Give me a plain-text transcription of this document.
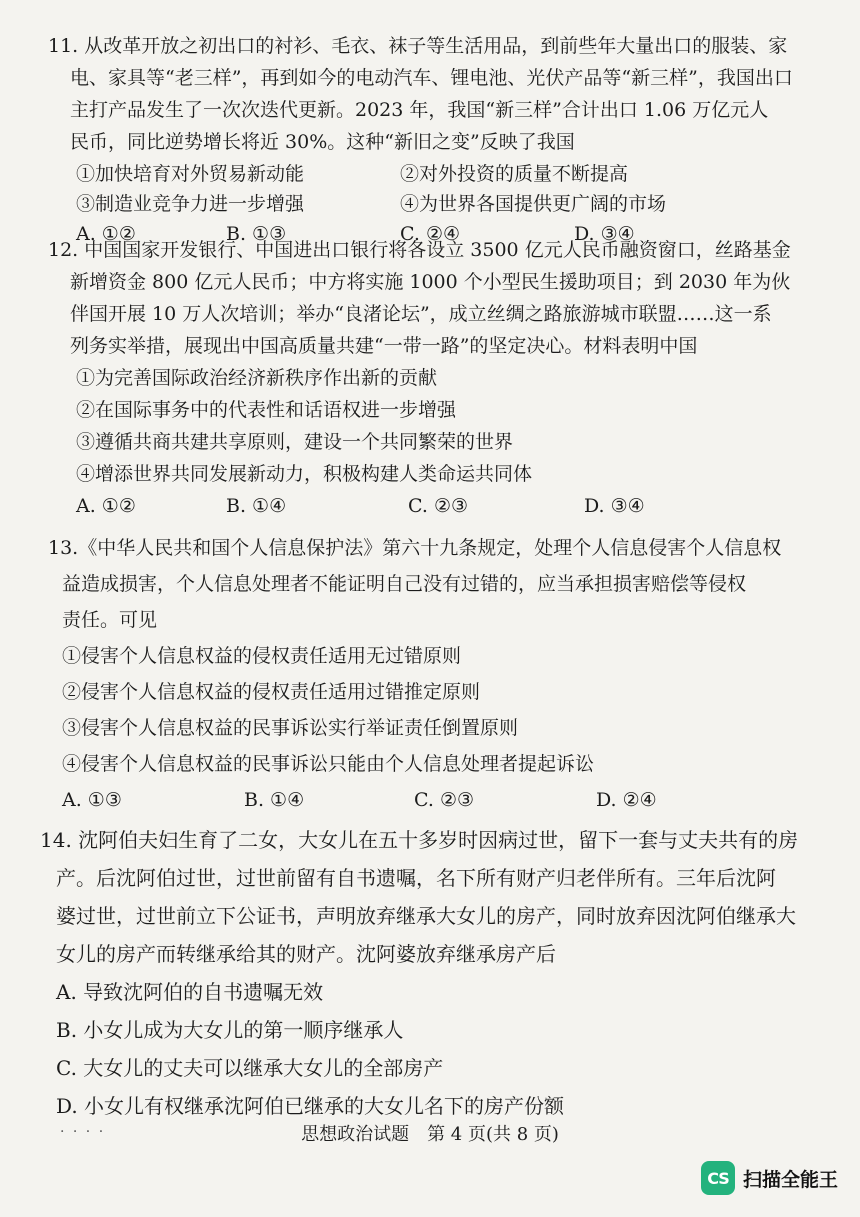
11. 从改革开放之初出口的衬衫、毛衣、袜子等生活用品，到前些年大量出口的服装、家
电、家具等“老三样”，再到如今的电动汽车、锂电池、光伏产品等“新三样”，我国出口
主打产品发生了一次次迭代更新。2023 年，我国“新三样”合计出口 1.06 万亿元人
民币，同比逆势增长将近 30%。这种“新旧之变”反映了我国
①加快培育对外贸易新动能	②对外投资的质量不断提高
③制造业竞争力进一步增强	④为世界各国提供更广阔的市场
A. ①②	B. ①③	C. ②④	D. ③④
12. 中国国家开发银行、中国进出口银行将各设立 3500 亿元人民币融资窗口，丝路基金
新增资金 800 亿元人民币；中方将实施 1000 个小型民生援助项目；到 2030 年为伙
伴国开展 10 万人次培训；举办“良渚论坛”，成立丝绸之路旅游城市联盟……这一系
列务实举措，展现出中国高质量共建“一带一路”的坚定决心。材料表明中国
①为完善国际政治经济新秩序作出新的贡献
②在国际事务中的代表性和话语权进一步增强
③遵循共商共建共享原则，建设一个共同繁荣的世界
④增添世界共同发展新动力，积极构建人类命运共同体
A. ①②	B. ①④	C. ②③	D. ③④
13.《中华人民共和国个人信息保护法》第六十九条规定，处理个人信息侵害个人信息权
益造成损害，个人信息处理者不能证明自己没有过错的，应当承担损害赔偿等侵权
责任。可见
①侵害个人信息权益的侵权责任适用无过错原则
②侵害个人信息权益的侵权责任适用过错推定原则
③侵害个人信息权益的民事诉讼实行举证责任倒置原则
④侵害个人信息权益的民事诉讼只能由个人信息处理者提起诉讼
A. ①③	B. ①④	C. ②③	D. ②④
14. 沈阿伯夫妇生育了二女，大女儿在五十多岁时因病过世，留下一套与丈夫共有的房
产。后沈阿伯过世，过世前留有自书遗嘱，名下所有财产归老伴所有。三年后沈阿
婆过世，过世前立下公证书，声明放弃继承大女儿的房产，同时放弃因沈阿伯继承大
女儿的房产而转继承给其的财产。沈阿婆放弃继承房产后
A. 导致沈阿伯的自书遗嘱无效
B. 小女儿成为大女儿的第一顺序继承人
C. 大女儿的丈夫可以继承大女儿的全部房产
D. 小女儿有权继承沈阿伯已继承的大女儿名下的房产份额
· · · ·	思想政治试题　第 4 页(共 8 页)
CS 扫描全能王
